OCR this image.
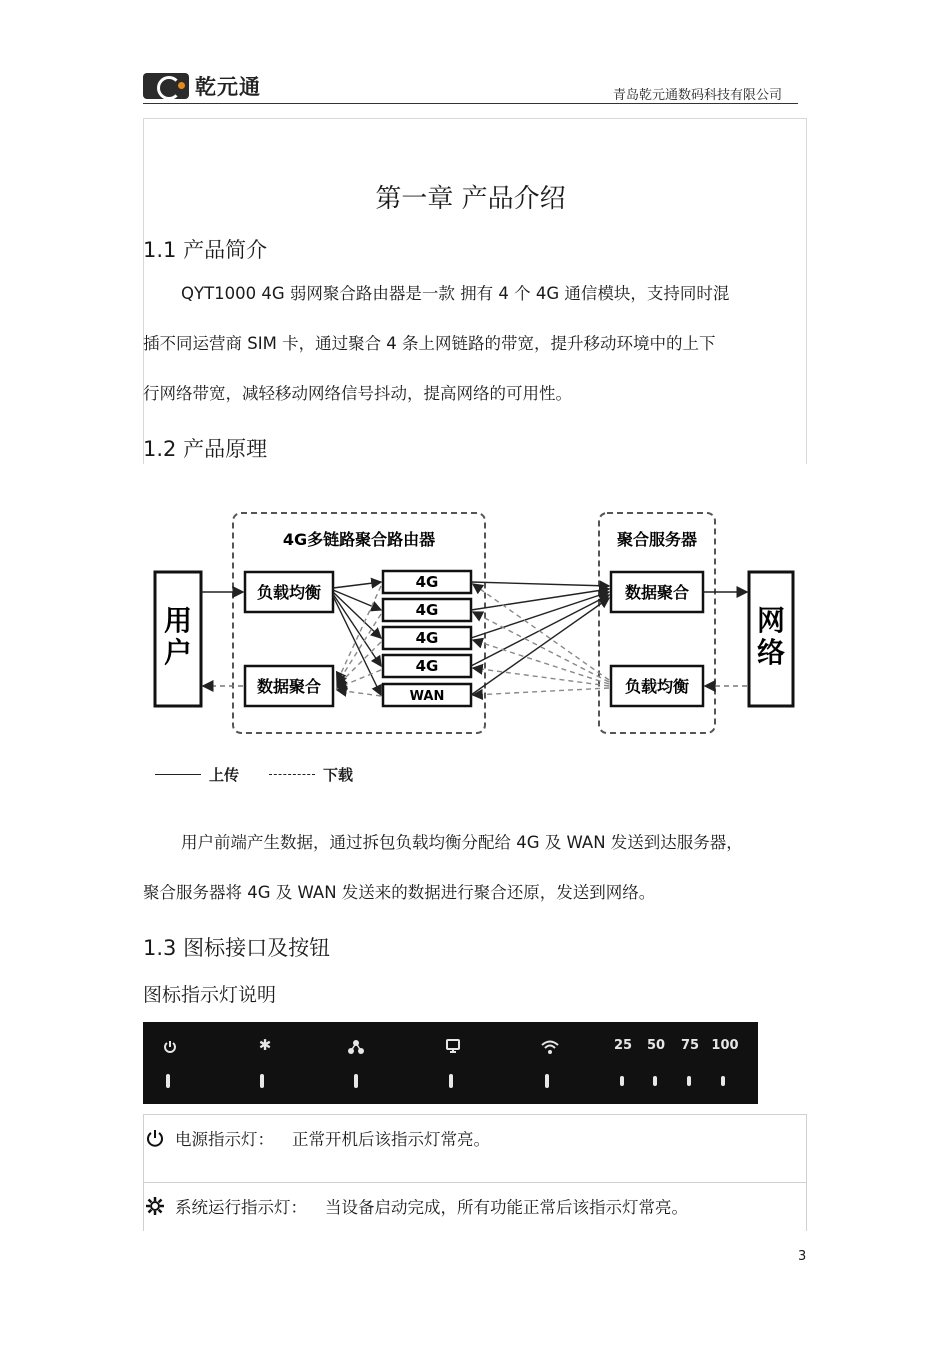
乾元通	青岛乾元通数码科技有限公司
第一章 产品介绍
1.1 产品简介
QYT1000 4G 弱网聚合路由器是一款 拥有 4 个 4G 通信模块，支持同时混
插不同运营商 SIM 卡，通过聚合 4 条上网链路的带宽，提升移动环境中的上下
行网络带宽，减轻移动网络信号抖动，提高网络的可用性。
1.2 产品原理
4G多链路聚合路由器	聚合服务器
用
户
网
络
负载均衡
数据聚合
4G
4G
4G
4G
WAN
数据聚合
负载均衡
上传	下载
用户前端产生数据，通过拆包负载均衡分配给 4G 及 WAN 发送到达服务器，
聚合服务器将 4G 及 WAN 发送来的数据进行聚合还原，发送到网络。
1.3 图标接口及按钮
图标指示灯说明
✱	25	50	75 100
电源指示灯： 正常开机后该指示灯常亮。
系统运行指示灯： 当设备启动完成，所有功能正常后该指示灯常亮。
3
